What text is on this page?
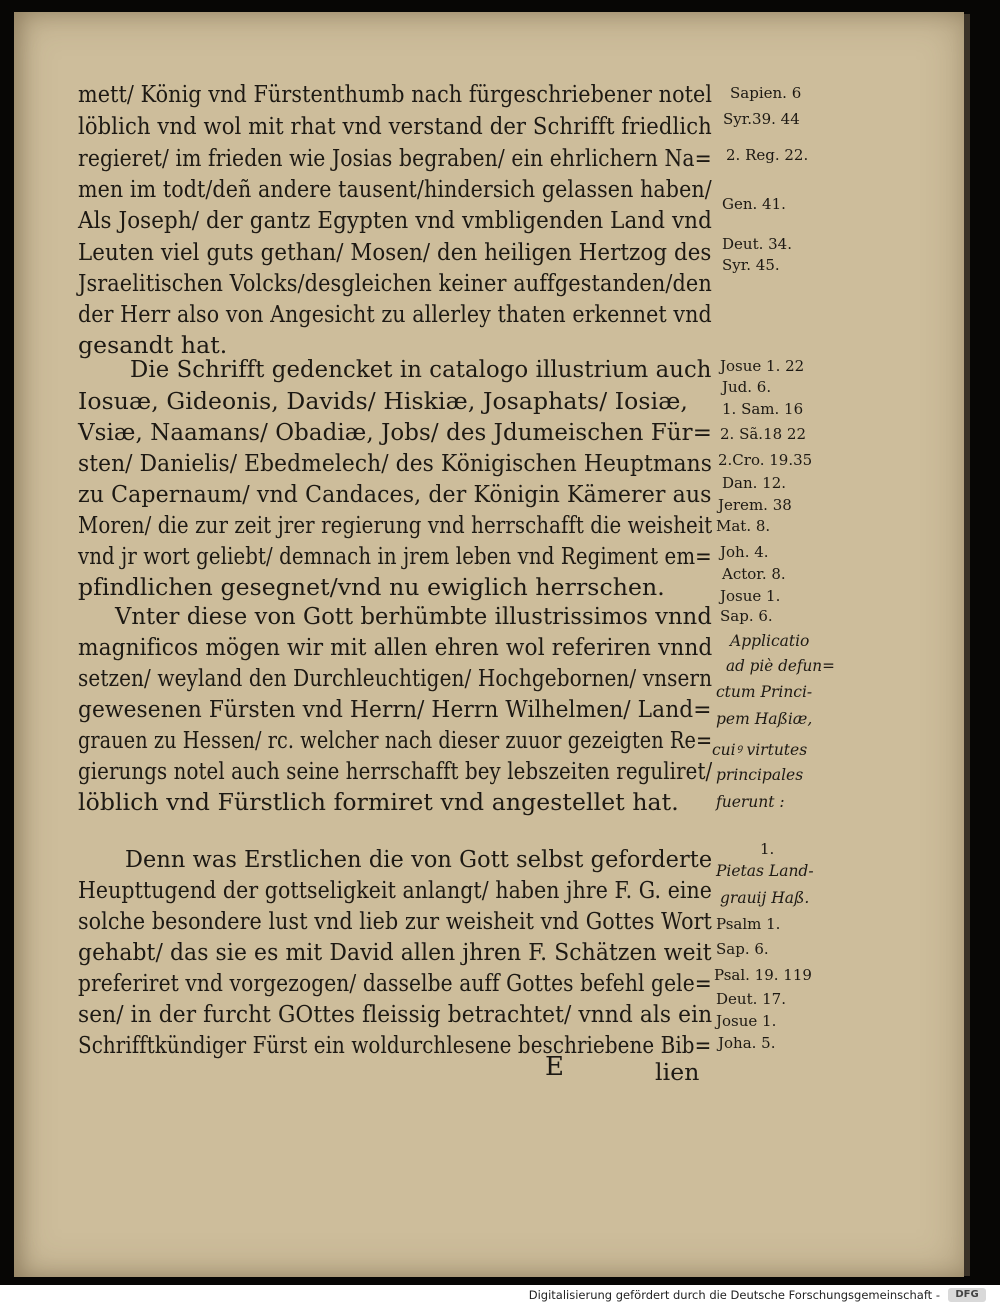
mett/ König vnd Fürstenthumb nach fürgeschriebener notel
löblich vnd wol mit rhat vnd verstand der Schrifft friedlich
regieret/ im frieden wie Josias begraben/ ein ehrlichern Na=
men im todt/deñ andere tausent/hindersich gelassen haben/
Als Joseph/ der gantz Egypten vnd vmbligenden Land vnd
Leuten viel guts gethan/ Mosen/ den heiligen Hertzog des
Jsraelitischen Volcks/desgleichen keiner auffgestanden/den
der Herr also von Angesicht zu allerley thaten erkennet vnd
gesandt hat.
Die Schrifft gedencket in catalogo illustrium auch
Iosuæ, Gideonis, Davids/ Hiskiæ, Josaphats/ Iosiæ,
Vsiæ, Naamans/ Obadiæ, Jobs/ des Jdumeischen Für=
sten/ Danielis/ Ebedmelech/ des Königischen Heuptmans
zu Capernaum/ vnd Candaces, der Königin Kämerer aus
Moren/ die zur zeit jrer regierung vnd herrschafft die weisheit
vnd jr wort geliebt/ demnach in jrem leben vnd Regiment em=
pfindlichen gesegnet/vnd nu ewiglich herrschen.
Vnter diese von Gott berhümbte illustrissimos vnnd
magnificos mögen wir mit allen ehren wol referiren vnnd
setzen/ weyland den Durchleuchtigen/ Hochgebornen/ vnsern
gewesenen Fürsten vnd Herrn/ Herrn Wilhelmen/ Land=
grauen zu Hessen/ rc. welcher nach dieser zuuor gezeigten Re=
gierungs notel auch seine herrschafft bey lebszeiten reguliret/
löblich vnd Fürstlich formiret vnd angestellet hat.
Denn was Erstlichen die von Gott selbst geforderte
Heupttugend der gottseligkeit anlangt/ haben jhre F. G. eine
solche besondere lust vnd lieb zur weisheit vnd Gottes Wort
gehabt/ das sie es mit David allen jhren F. Schätzen weit
preferiret vnd vorgezogen/ dasselbe auff Gottes befehl gele=
sen/ in der furcht GOttes fleissig betrachtet/ vnnd als ein
Schrifftkündiger Fürst ein woldurchlesene beschriebene Bib=
Sapien. 6
Syr.39. 44
2. Reg. 22.
Gen. 41.
Deut. 34.
Syr. 45.
Josue 1. 22
Jud. 6.
1. Sam. 16
2. Sã.18 22
2.Cro. 19.35
Dan. 12.
Jerem. 38
Mat. 8.
Joh. 4.
Actor. 8.
Josue 1.
Sap. 6.
Applicatio
ad piè defun=
ctum Princi-
pem Haßiæ,
cuiꝰ virtutes
principales
fuerunt :
1.
Pietas Land-
grauij Haß.
Psalm 1.
Sap. 6.
Psal. 19. 119
Deut. 17.
Josue 1.
Joha. 5.
E	lien
Digitalisierung gefördert durch die Deutsche Forschungsgemeinschaft -	DFG
